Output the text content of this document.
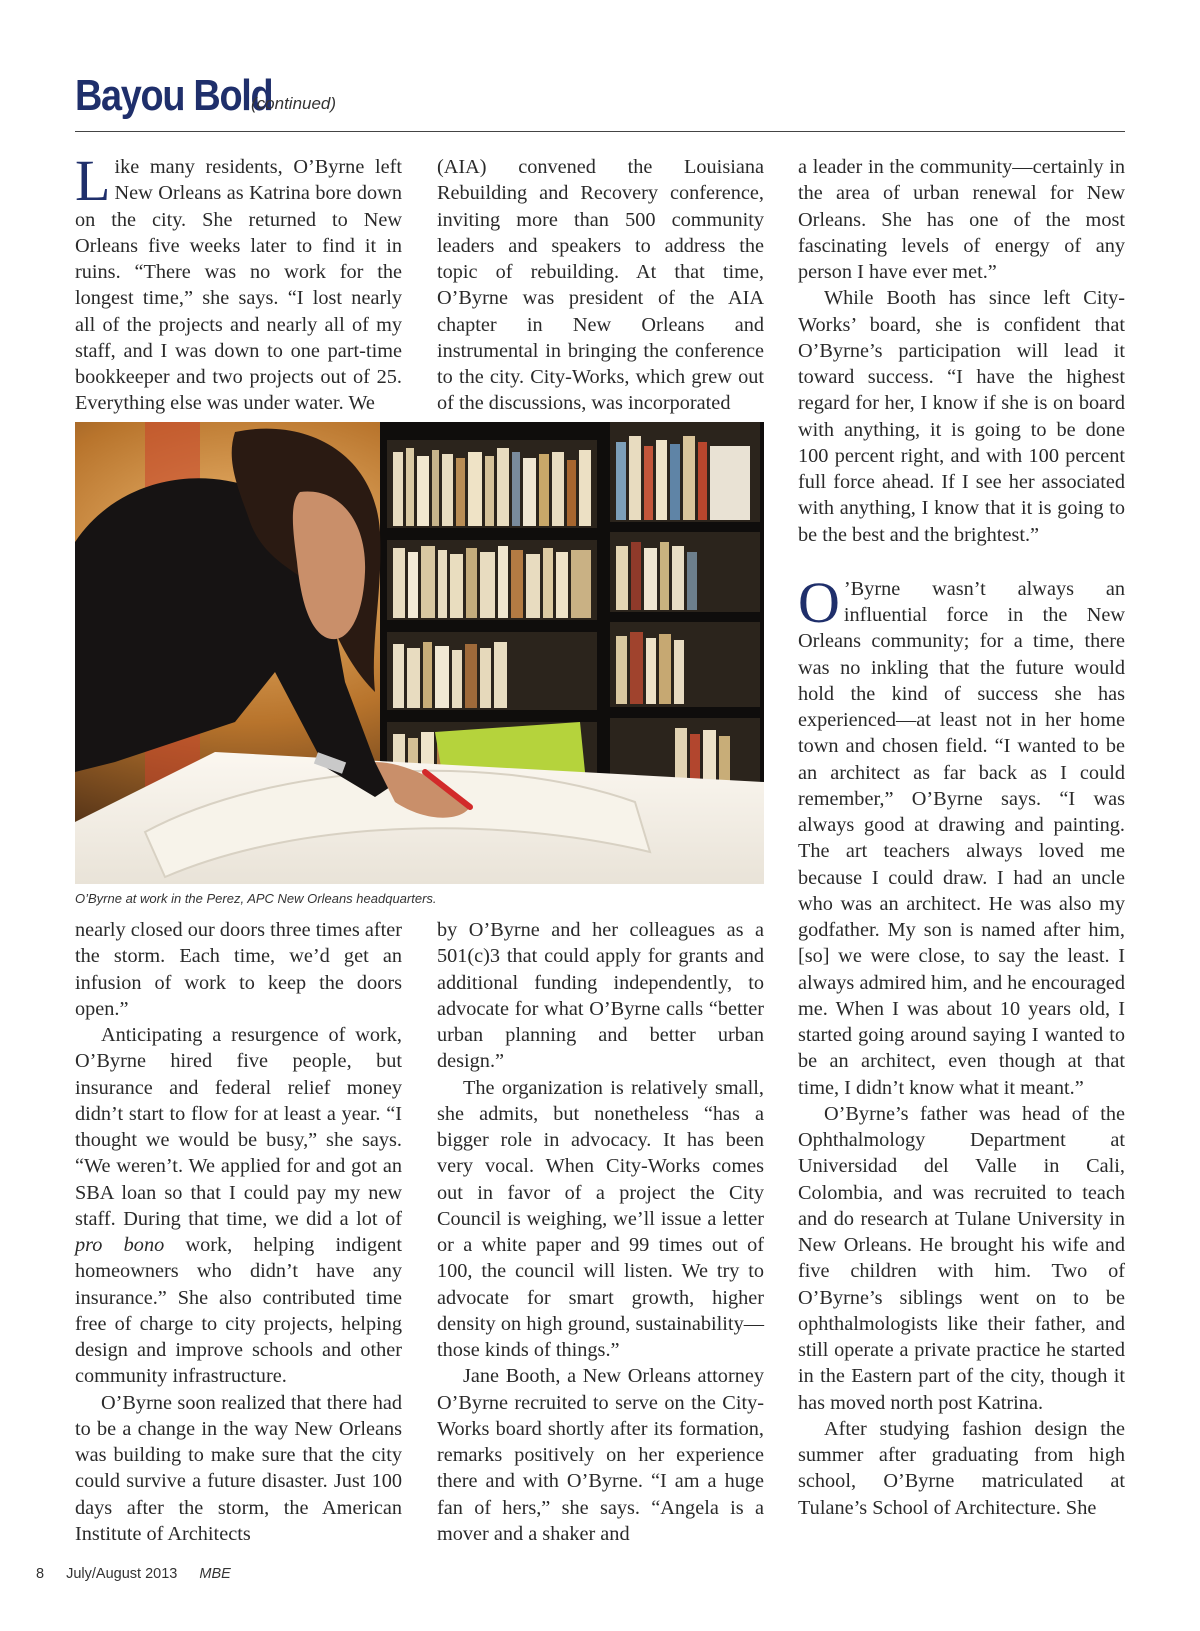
Bayou Bold
(continued)

Like many residents, O’Byrne left New Orleans as Katrina bore down on the city. She returned to New Orleans five weeks later to find it in ruins. “There was no work for the longest time,” she says. “I lost nearly all of the projects and nearly all of my staff, and I was down to one part-time bookkeeper and two projects out of 25. Everything else was under water. We

(AIA) convened the Louisiana Rebuilding and Recovery conference, inviting more than 500 community leaders and speakers to address the topic of rebuilding. At that time, O’Byrne was president of the AIA chapter in New Orleans and instrumental in bringing the conference to the city. City-Works, which grew out of the discussions, was incorporated

O’Byrne at work in the Perez, APC New Orleans headquarters.

nearly closed our doors three times after the storm. Each time, we’d get an infusion of work to keep the doors open.”

Anticipating a resurgence of work, O’Byrne hired five people, but insurance and federal relief money didn’t start to flow for at least a year. “I thought we would be busy,” she says. “We weren’t. We applied for and got an SBA loan so that I could pay my new staff. During that time, we did a lot of pro bono work, helping indigent homeowners who didn’t have any insurance.” She also contributed time free of charge to city projects, helping design and improve schools and other community infrastructure.

O’Byrne soon realized that there had to be a change in the way New Orleans was building to make sure that the city could survive a future disaster. Just 100 days after the storm, the American Institute of Architects

by O’Byrne and her colleagues as a 501(c)3 that could apply for grants and additional funding independently, to advocate for what O’Byrne calls “better urban planning and better urban design.”

The organization is relatively small, she admits, but nonetheless “has a bigger role in advocacy. It has been very vocal. When City-Works comes out in favor of a project the City Council is weighing, we’ll issue a letter or a white paper and 99 times out of 100, the council will listen. We try to advocate for smart growth, higher density on high ground, sustainability—those kinds of things.”

Jane Booth, a New Orleans attorney O’Byrne recruited to serve on the City-Works board shortly after its formation, remarks positively on her experience there and with O’Byrne. “I am a huge fan of hers,” she says. “Angela is a mover and a shaker and

a leader in the community—certainly in the area of urban renewal for New Orleans. She has one of the most fascinating levels of energy of any person I have ever met.”

While Booth has since left City-Works’ board, she is confident that O’Byrne’s participation will lead it toward success. “I have the highest regard for her, I know if she is on board with anything, it is going to be done 100 percent right, and with 100 percent full force ahead. If I see her associated with anything, I know that it is going to be the best and the brightest.”

O ’Byrne wasn’t always an influential force in the New Orleans community; for a time, there was no inkling that the future would hold the kind of success she has experienced—at least not in her home town and chosen field. “I wanted to be an architect as far back as I could remember,” O’Byrne says. “I was always good at drawing and painting. The art teachers always loved me because I could draw. I had an uncle who was an architect. He was also my godfather. My son is named after him, [so] we were close, to say the least. I always admired him, and he encouraged me. When I was about 10 years old, I started going around saying I wanted to be an architect, even though at that time, I didn’t know what it meant.”

O’Byrne’s father was head of the Ophthalmology Department at Universidad del Valle in Cali, Colombia, and was recruited to teach and do research at Tulane University in New Orleans. He brought his wife and five children with him. Two of O’Byrne’s siblings went on to be ophthalmologists like their father, and still operate a private practice he started in the Eastern part of the city, though it has moved north post Katrina.

After studying fashion design the summer after graduating from high school, O’Byrne matriculated at Tulane’s School of Architecture. She

8 July/August 2013 MBE
